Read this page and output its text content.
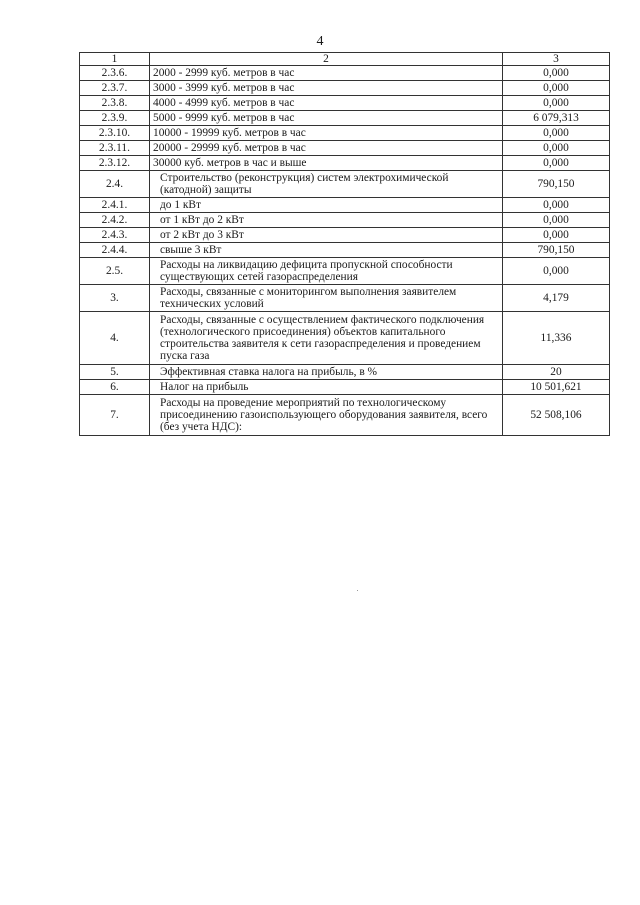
4
1	2	3
2.3.6.	2000 - 2999 куб. метров в час	0,000
2.3.7.	3000 - 3999 куб. метров в час	0,000
2.3.8.	4000 - 4999 куб. метров в час	0,000
2.3.9.	5000 - 9999 куб. метров в час	6 079,313
2.3.10.	10000 - 19999 куб. метров в час	0,000
2.3.11.	20000 - 29999 куб. метров в час	0,000
2.3.12.	30000 куб. метров в час и выше	0,000
2.4.	Строительство (реконструкция) систем электрохимической (катодной) защиты	790,150
2.4.1.	до 1 кВт	0,000
2.4.2.	от 1 кВт до 2 кВт	0,000
2.4.3.	от 2 кВт до 3 кВт	0,000
2.4.4.	свыше 3 кВт	790,150
2.5.	Расходы на ликвидацию дефицита пропускной способности существующих сетей газораспределения	0,000
3.	Расходы, связанные с мониторингом выполнения заявителем технических условий	4,179
4.	Расходы, связанные с осуществлением фактического подключения (технологического присоединения) объектов капитального строительства заявителя к сети газораспределения и проведением пуска газа	11,336
5.	Эффективная ставка налога на прибыль, в %	20
6.	Налог на прибыль	10 501,621
7.	Расходы на проведение мероприятий по технологическому присоединению газоиспользующего оборудования заявителя, всего (без учета НДС):	52 508,106
